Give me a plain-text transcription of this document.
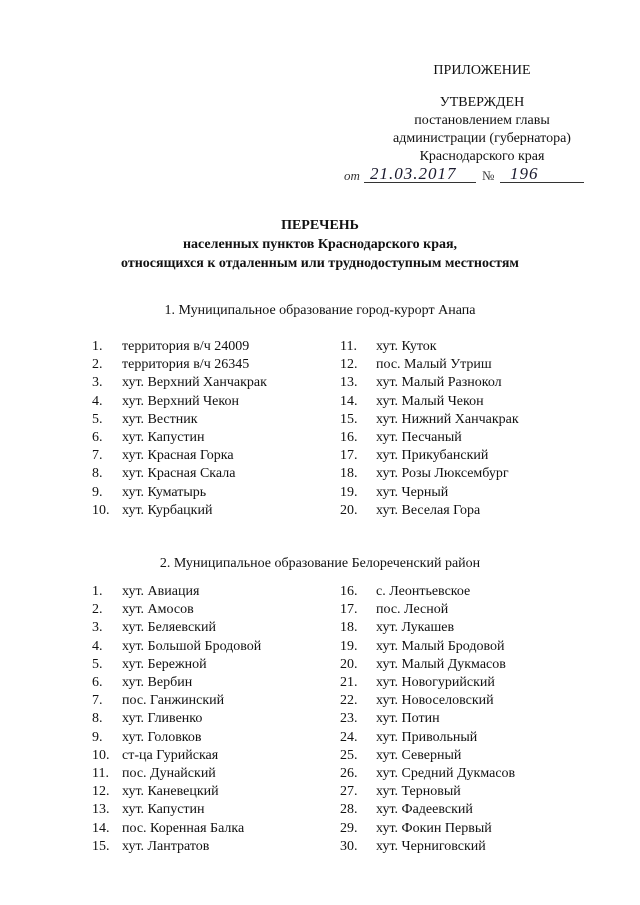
ПРИЛОЖЕНИЕ
УТВЕРЖДЕН
постановлением главы
администрации (губернатора)
Краснодарского края
от 21.03.2017 № 196
ПЕРЕЧЕНЬ
населенных пунктов Краснодарского края,
относящихся к отдаленным или труднодоступным местностям
1. Муниципальное образование город-курорт Анапа
1.	территория в/ч 24009
2.	территория в/ч 26345
3.	хут. Верхний Ханчакрак
4.	хут. Верхний Чекон
5.	хут. Вестник
6.	хут. Капустин
7.	хут. Красная Горка
8.	хут. Красная Скала
9.	хут. Куматырь
10. хут. Курбацкий
11.	хут. Куток
12.	пос. Малый Утриш
13.	хут. Малый Разнокол
14.	хут. Малый Чекон
15.	хут. Нижний Ханчакрак
16.	хут. Песчаный
17.	хут. Прикубанский
18.	хут. Розы Люксембург
19.	хут. Черный
20.	хут. Веселая Гора
2. Муниципальное образование Белореченский район
1.	хут. Авиация
2.	хут. Амосов
3.	хут. Беляевский
4.	хут. Большой Бродовой
5.	хут. Бережной
6.	хут. Вербин
7.	пос. Ганжинский
8.	хут. Гливенко
9.	хут. Головков
10. ст-ца Гурийская
11. пос. Дунайский
12. хут. Каневецкий
13. хут. Капустин
14. пос. Коренная Балка
15. хут. Лантратов
16.	с. Леонтьевское
17.	пос. Лесной
18.	хут. Лукашев
19.	хут. Малый Бродовой
20.	хут. Малый Дукмасов
21.	хут. Новогурийский
22.	хут. Новоселовский
23.	хут. Потин
24.	хут. Привольный
25.	хут. Северный
26.	хут. Средний Дукмасов
27.	хут. Терновый
28.	хут. Фадеевский
29.	хут. Фокин Первый
30.	хут. Черниговский
